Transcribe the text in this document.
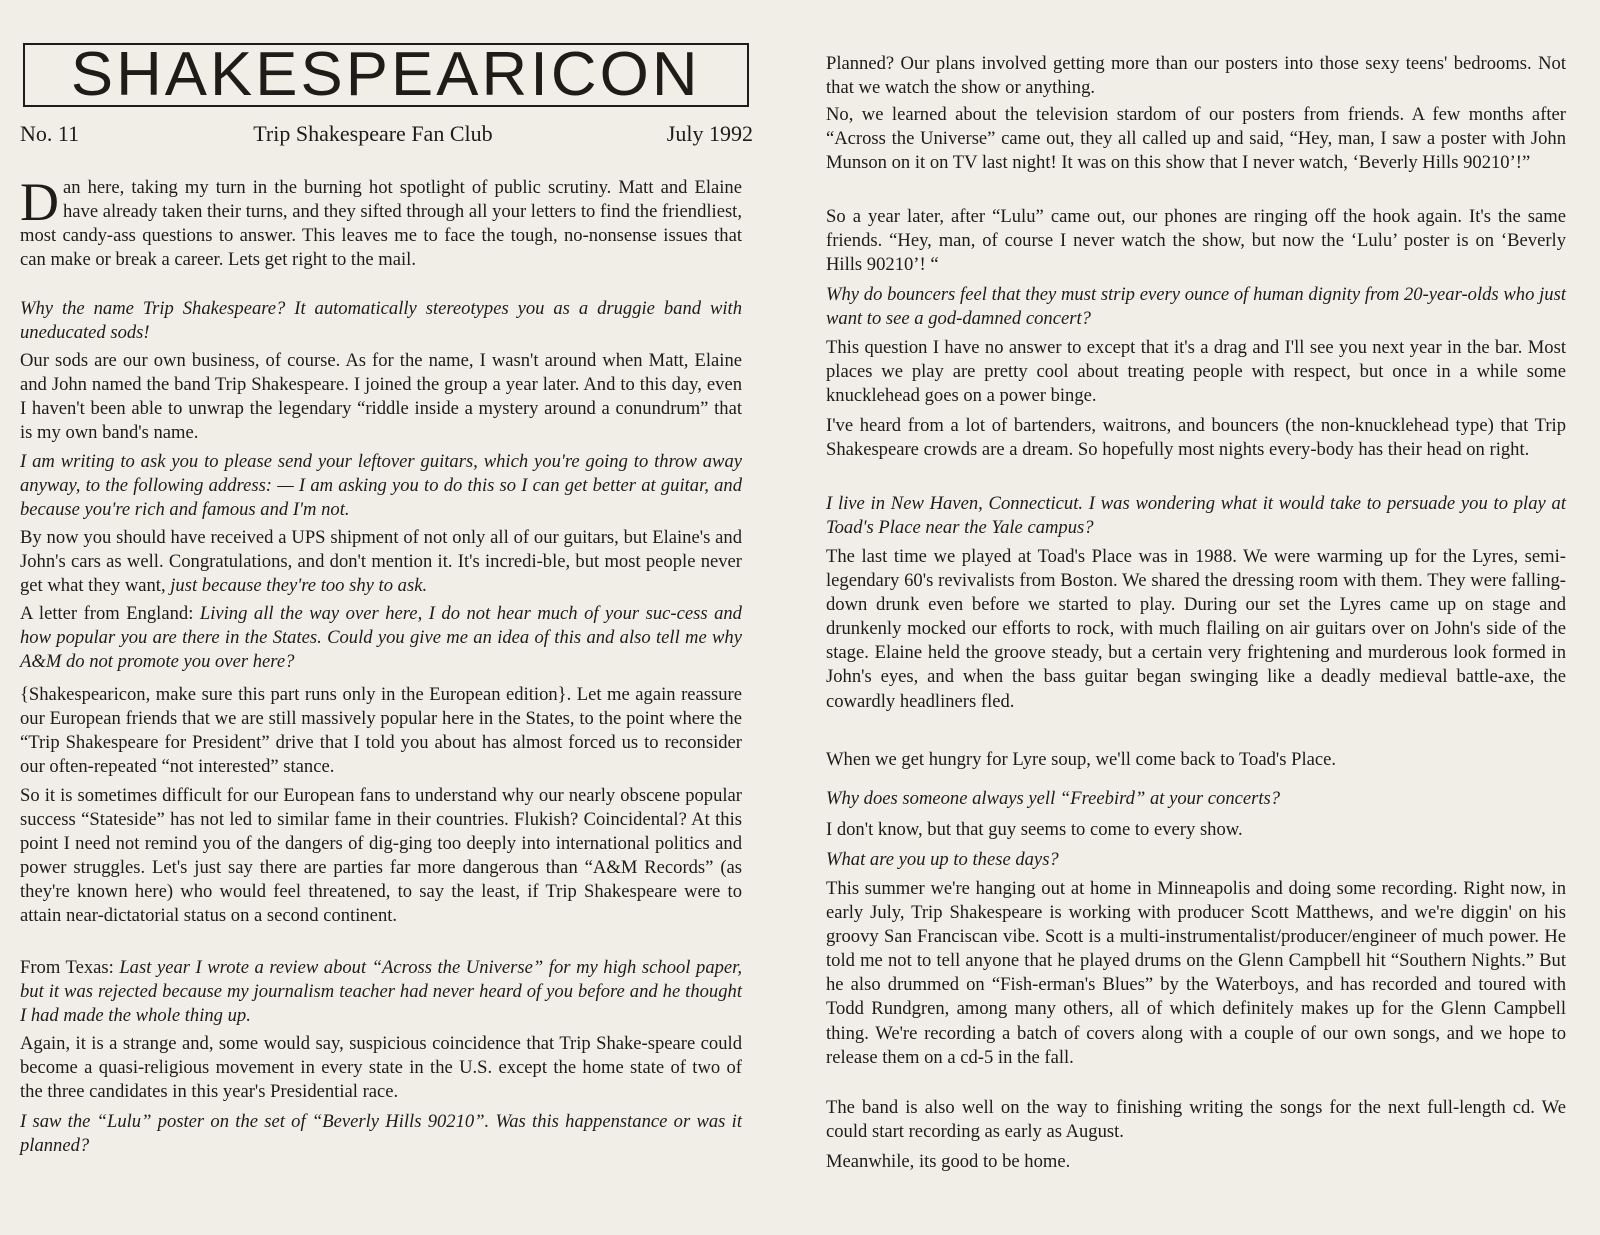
SHAKESPEARICON
No. 11	Trip Shakespeare Fan Club	July 1992
Dan here, taking my turn in the burning hot spotlight of public scrutiny. Matt and Elaine have already taken their turns, and they sifted through all your letters to find the friendliest, most candy-ass questions to answer. This leaves me to face the tough, no-nonsense issues that can make or break a career. Lets get right to the mail.
Why the name Trip Shakespeare? It automatically stereotypes you as a druggie band with uneducated sods!
Our sods are our own business, of course. As for the name, I wasn't around when Matt, Elaine and John named the band Trip Shakespeare. I joined the group a year later. And to this day, even I haven't been able to unwrap the legendary “riddle inside a mystery around a conundrum” that is my own band's name.
I am writing to ask you to please send your leftover guitars, which you're going to throw away anyway, to the following address: — I am asking you to do this so I can get better at guitar, and because you're rich and famous and I'm not.
By now you should have received a UPS shipment of not only all of our guitars, but Elaine's and John's cars as well. Congratulations, and don't mention it. It's incredi-ble, but most people never get what they want, just because they're too shy to ask.
A letter from England: Living all the way over here, I do not hear much of your suc-cess and how popular you are there in the States. Could you give me an idea of this and also tell me why A&M do not promote you over here?
{Shakespearicon, make sure this part runs only in the European edition}. Let me again reassure our European friends that we are still massively popular here in the States, to the point where the “Trip Shakespeare for President” drive that I told you about has almost forced us to reconsider our often-repeated “not interested” stance.
So it is sometimes difficult for our European fans to understand why our nearly obscene popular success “Stateside” has not led to similar fame in their countries. Flukish? Coincidental? At this point I need not remind you of the dangers of dig-ging too deeply into international politics and power struggles. Let's just say there are parties far more dangerous than “A&M Records” (as they're known here) who would feel threatened, to say the least, if Trip Shakespeare were to attain near-dictatorial status on a second continent.
From Texas: Last year I wrote a review about “Across the Universe” for my high school paper, but it was rejected because my journalism teacher had never heard of you before and he thought I had made the whole thing up.
Again, it is a strange and, some would say, suspicious coincidence that Trip Shake-speare could become a quasi-religious movement in every state in the U.S. except the home state of two of the three candidates in this year's Presidential race.
I saw the “Lulu” poster on the set of “Beverly Hills 90210”. Was this happenstance or was it planned?
Planned? Our plans involved getting more than our posters into those sexy teens' bedrooms. Not that we watch the show or anything.
No, we learned about the television stardom of our posters from friends. A few months after “Across the Universe” came out, they all called up and said, “Hey, man, I saw a poster with John Munson on it on TV last night! It was on this show that I never watch, ‘Beverly Hills 90210’!”
So a year later, after “Lulu” came out, our phones are ringing off the hook again. It's the same friends. “Hey, man, of course I never watch the show, but now the ‘Lulu’ poster is on ‘Beverly Hills 90210’! “
Why do bouncers feel that they must strip every ounce of human dignity from 20-year-olds who just want to see a god-damned concert?
This question I have no answer to except that it's a drag and I'll see you next year in the bar. Most places we play are pretty cool about treating people with respect, but once in a while some knucklehead goes on a power binge.
I've heard from a lot of bartenders, waitrons, and bouncers (the non-knucklehead type) that Trip Shakespeare crowds are a dream. So hopefully most nights every-body has their head on right.
I live in New Haven, Connecticut. I was wondering what it would take to persuade you to play at Toad's Place near the Yale campus?
The last time we played at Toad's Place was in 1988. We were warming up for the Lyres, semi-legendary 60's revivalists from Boston. We shared the dressing room with them. They were falling-down drunk even before we started to play. During our set the Lyres came up on stage and drunkenly mocked our efforts to rock, with much flailing on air guitars over on John's side of the stage. Elaine held the groove steady, but a certain very frightening and murderous look formed in John's eyes, and when the bass guitar began swinging like a deadly medieval battle-axe, the cowardly headliners fled.
When we get hungry for Lyre soup, we'll come back to Toad's Place.
Why does someone always yell “Freebird” at your concerts?
I don't know, but that guy seems to come to every show.
What are you up to these days?
This summer we're hanging out at home in Minneapolis and doing some recording. Right now, in early July, Trip Shakespeare is working with producer Scott Matthews, and we're diggin' on his groovy San Franciscan vibe. Scott is a multi-instrumentalist/producer/engineer of much power. He told me not to tell anyone that he played drums on the Glenn Campbell hit “Southern Nights.” But he also drummed on “Fish-erman's Blues” by the Waterboys, and has recorded and toured with Todd Rundgren, among many others, all of which definitely makes up for the Glenn Campbell thing. We're recording a batch of covers along with a couple of our own songs, and we hope to release them on a cd-5 in the fall.
The band is also well on the way to finishing writing the songs for the next full-length cd. We could start recording as early as August.
Meanwhile, its good to be home.
